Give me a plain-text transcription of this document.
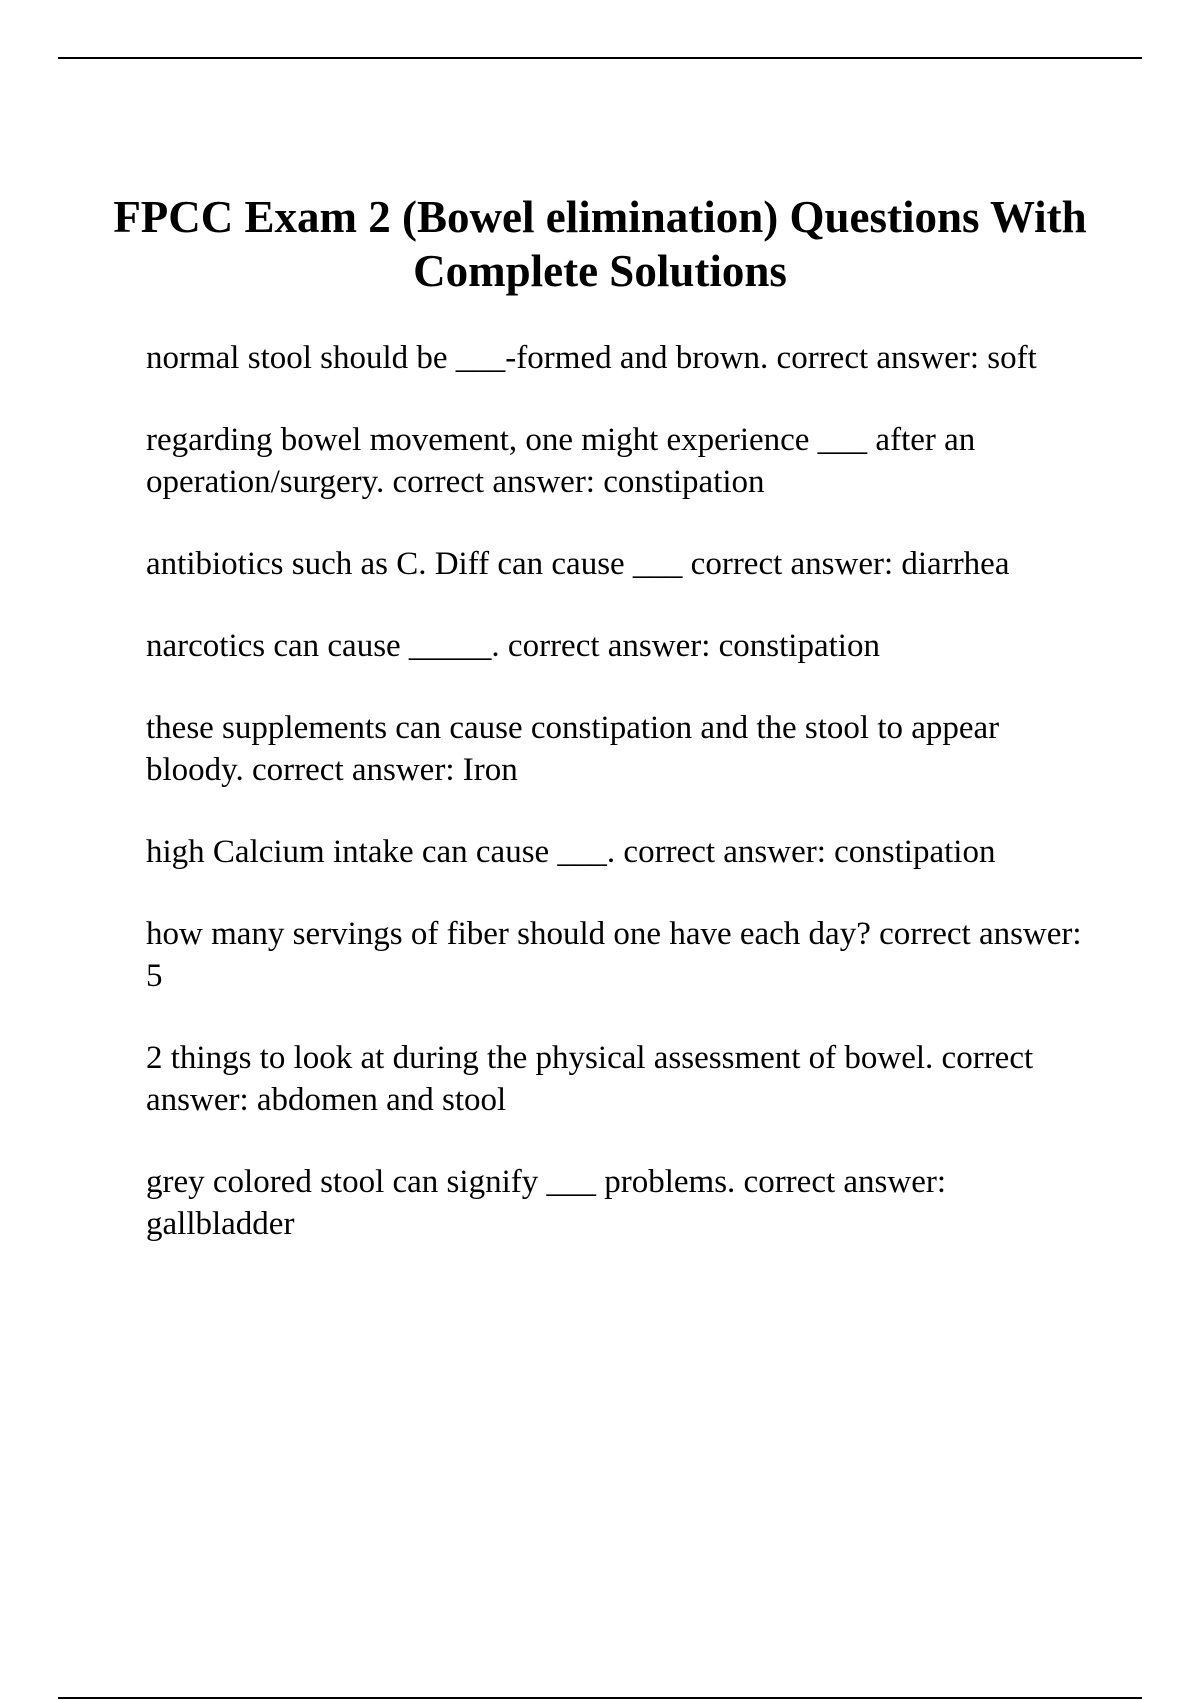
FPCC Exam 2 (Bowel elimination) Questions With Complete Solutions
normal stool should be ___-formed and brown. correct answer: soft
regarding bowel movement, one might experience ___ after an operation/surgery. correct answer: constipation
antibiotics such as C. Diff can cause ___ correct answer: diarrhea
narcotics can cause _____. correct answer: constipation
these supplements can cause constipation and the stool to appear bloody. correct answer: Iron
high Calcium intake can cause ___. correct answer: constipation
how many servings of fiber should one have each day? correct answer: 5
2 things to look at during the physical assessment of bowel. correct answer: abdomen and stool
grey colored stool can signify ___ problems. correct answer: gallbladder
